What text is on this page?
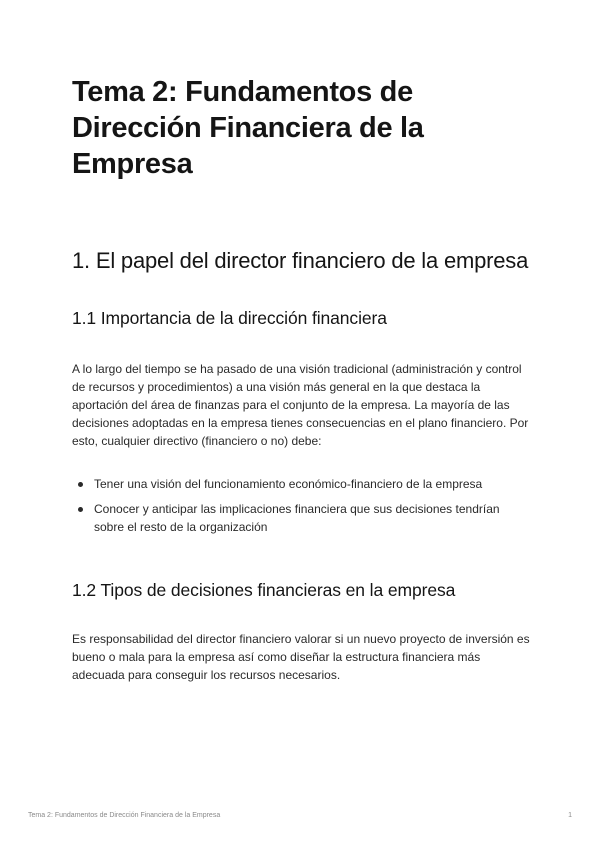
Tema 2: Fundamentos de Dirección Financiera de la Empresa
1. El papel del director financiero de la empresa
1.1 Importancia de la dirección financiera

A lo largo del tiempo se ha pasado de una visión tradicional (administración y control de recursos y procedimientos) a una visión más general en la que destaca la aportación del área de finanzas para el conjunto de la empresa. La mayoría de las decisiones adoptadas en la empresa tienes consecuencias en el plano financiero. Por esto, cualquier directivo (financiero o no) debe:

Tener una visión del funcionamiento económico-financiero de la empresa
Conocer y anticipar las implicaciones financiera que sus decisiones tendrían sobre el resto de la organización
1.2 Tipos de decisiones financieras en la empresa

Es responsabilidad del director financiero valorar si un nuevo proyecto de inversión es bueno o mala para la empresa así como diseñar la estructura financiera más adecuada para conseguir los recursos necesarios.

Tema 2: Fundamentos de Dirección Financiera de la Empresa	1
